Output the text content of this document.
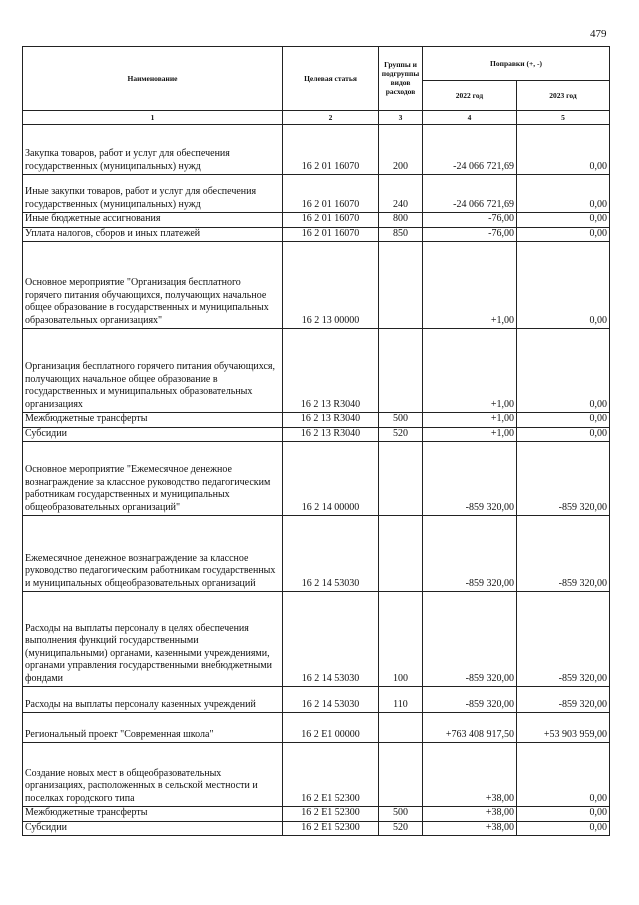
479
Наименование	Целевая статья	Группы и подгруппы видов расходов	Поправки (+, -)	
			2022 год	2023 год
1	2	3	4	5
Закупка товаров, работ и услуг для обеспечения государственных (муниципальных) нужд	16 2 01 16070	200	-24 066 721,69	0,00
Иные закупки товаров, работ и услуг для обеспечения государственных (муниципальных) нужд	16 2 01 16070	240	-24 066 721,69	0,00
Иные бюджетные ассигнования	16 2 01 16070	800	-76,00	0,00
Уплата налогов, сборов и иных платежей	16 2 01 16070	850	-76,00	0,00
Основное мероприятие "Организация бесплатного горячего питания обучающихся, получающих начальное общее образование в государственных и муниципальных образовательных организациях"	16 2 13 00000		+1,00	0,00
Организация бесплатного горячего питания обучающихся, получающих начальное общее образование в государственных и муниципальных образовательных организациях	16 2 13 R3040		+1,00	0,00
Межбюджетные трансферты	16 2 13 R3040	500	+1,00	0,00
Субсидии	16 2 13 R3040	520	+1,00	0,00
Основное мероприятие "Ежемесячное денежное вознаграждение за классное руководство педагогическим работникам государственных и муниципальных общеобразовательных организаций"	16 2 14 00000		-859 320,00	-859 320,00
Ежемесячное денежное вознаграждение за классное руководство педагогическим работникам государственных и муниципальных общеобразовательных организаций	16 2 14 53030		-859 320,00	-859 320,00
Расходы на выплаты персоналу в целях обеспечения выполнения функций государственными (муниципальными) органами, казенными учреждениями, органами управления государственными внебюджетными фондами	16 2 14 53030	100	-859 320,00	-859 320,00
Расходы на выплаты персоналу казенных учреждений	16 2 14 53030	110	-859 320,00	-859 320,00
Региональный проект "Современная школа"	16 2 E1 00000		+763 408 917,50	+53 903 959,00
Создание новых мест в общеобразовательных организациях, расположенных в сельской местности и поселках городского типа	16 2 E1 52300		+38,00	0,00
Межбюджетные трансферты	16 2 E1 52300	500	+38,00	0,00
Субсидии	16 2 E1 52300	520	+38,00	0,00
